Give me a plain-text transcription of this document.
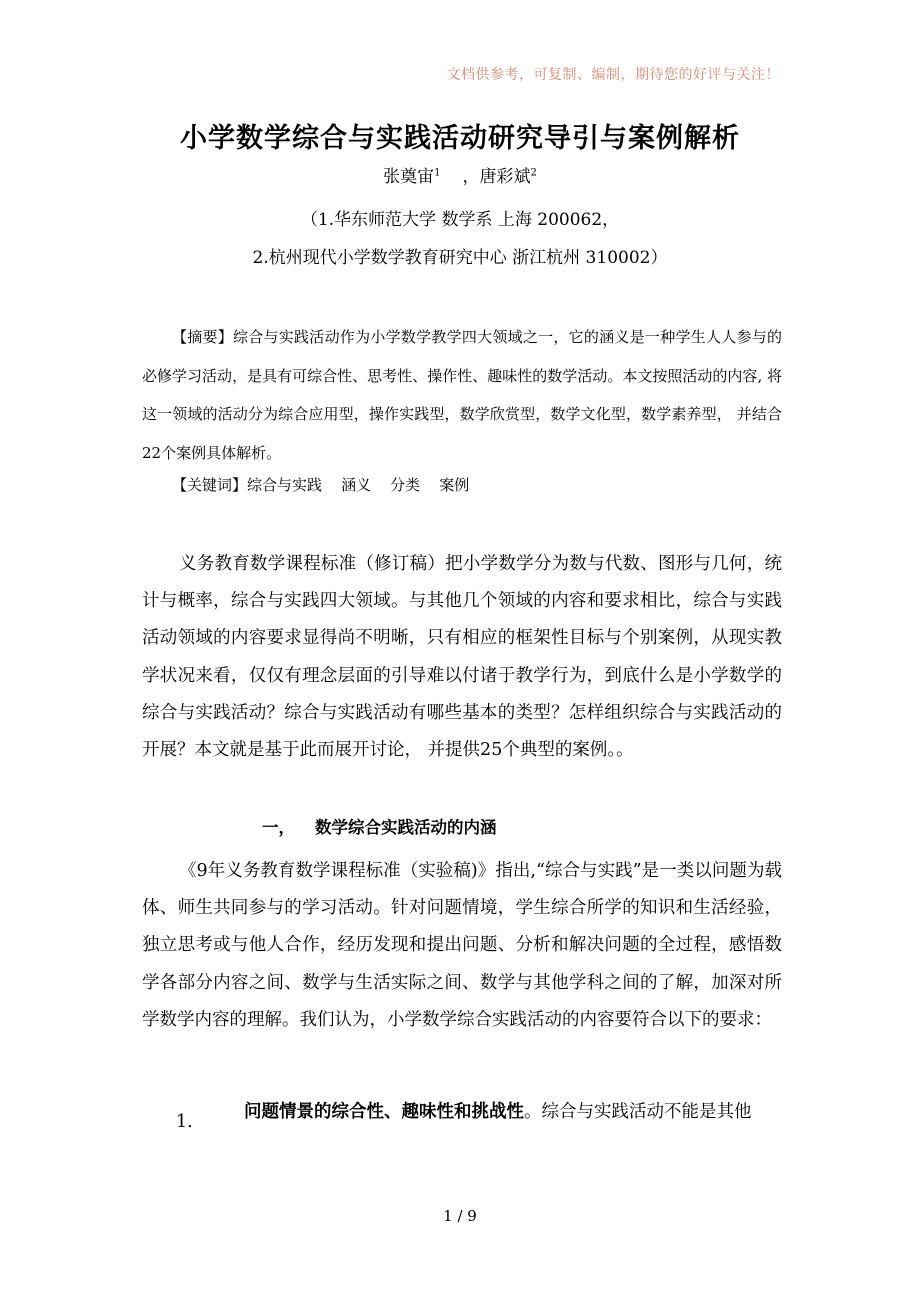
文档供参考，可复制、编制，期待您的好评与关注！
小学数学综合与实践活动研究导引与案例解析
张奠宙$^1$ ，唐彩斌$^2$
（1.华东师范大学 数学系 上海 200062，
2.杭州现代小学数学教育研究中心 浙江杭州 310002）

【摘要】综合与实践活动作为小学数学教学四大领域之一，它的涵义是一种学生人人参与的必修学习活动，是具有可综合性、思考性、操作性、趣味性的数学活动。本文按照活动的内容, 将这一领域的活动分为综合应用型，操作实践型，数学欣赏型，数学文化型，数学素养型， 并结合22个案例具体解析。

【关键词】综合与实践    涵义    分类    案例

义务教育数学课程标准（修订稿）把小学数学分为数与代数、图形与几何，统计与概率，综合与实践四大领域。与其他几个领域的内容和要求相比，综合与实践活动领域的内容要求显得尚不明晰，只有相应的框架性目标与个别案例，从现实教学状况来看，仅仅有理念层面的引导难以付诸于教学行为，到底什么是小学数学的综合与实践活动？综合与实践活动有哪些基本的类型？怎样组织综合与实践活动的开展？本文就是基于此而展开讨论， 并提供25个典型的案例。。

一， 数学综合实践活动的内涵

《9年义务教育数学课程标准（实验稿)》指出,“综合与实践”是一类以问题为载体、师生共同参与的学习活动。针对问题情境，学生综合所学的知识和生活经验，独立思考或与他人合作，经历发现和提出问题、分析和解决问题的全过程，感悟数学各部分内容之间、数学与生活实际之间、数学与其他学科之间的了解，加深对所学数学内容的理解。我们认为，小学数学综合实践活动的内容要符合以下的要求：

1.	问题情景的综合性、趣味性和挑战性。综合与实践活动不能是其他

1 / 9
